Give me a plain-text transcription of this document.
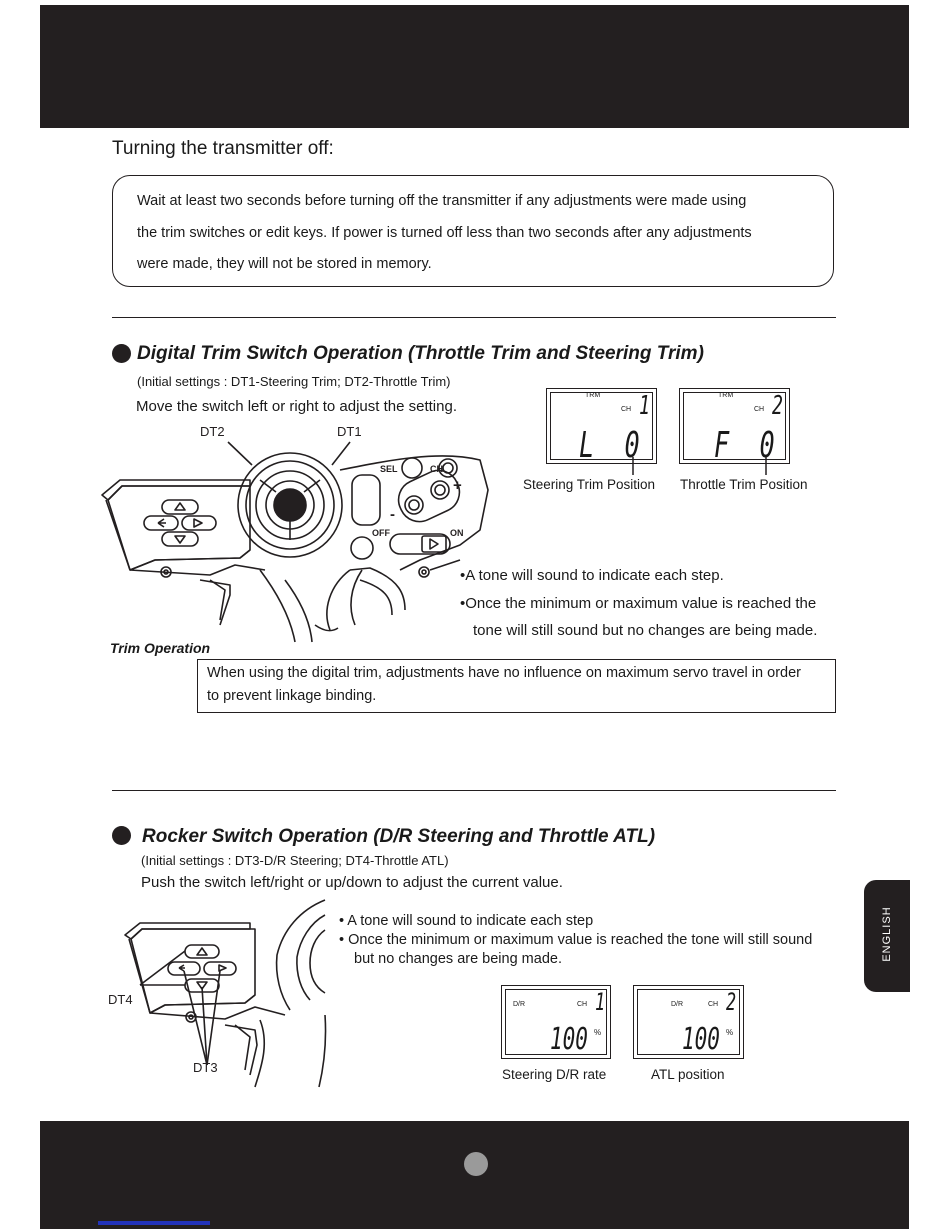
Turning the transmitter off:
Wait at least two seconds before turning off the transmitter if any adjustments were made using
the trim switches or edit keys. If power is turned off less than two seconds after any adjustments
were made, they will not be stored in memory.
Digital Trim Switch Operation (Throttle Trim and Steering Trim)
(Initial settings : DT1-Steering Trim; DT2-Throttle Trim)
Move the switch left or right to adjust the setting.
DT2	DT1
SEL	CH
+
-
OFF	ON
Trim Operation
TRM
CH 1
L  0
TRM
CH 2
F  0
Steering Trim Position Throttle Trim Position
•A tone will sound to indicate each step.
•Once the minimum or maximum value is reached the
tone will still sound but no changes are being made.
When using the digital trim, adjustments have no influence on maximum servo travel in order
to prevent linkage binding.
Rocker Switch Operation (D/R Steering and Throttle ATL)
(Initial settings : DT3-D/R Steering; DT4-Throttle ATL)
Push the switch left/right or up/down to adjust the current value.
DT4
DT3
• A tone will sound to indicate each step
• Once the minimum or maximum value is reached the tone will still sound
but no changes are being made.
D/R	CH 1
100 %
D/R	CH 2
100 %
Steering D/R rate	ATL position
ENGLISH
